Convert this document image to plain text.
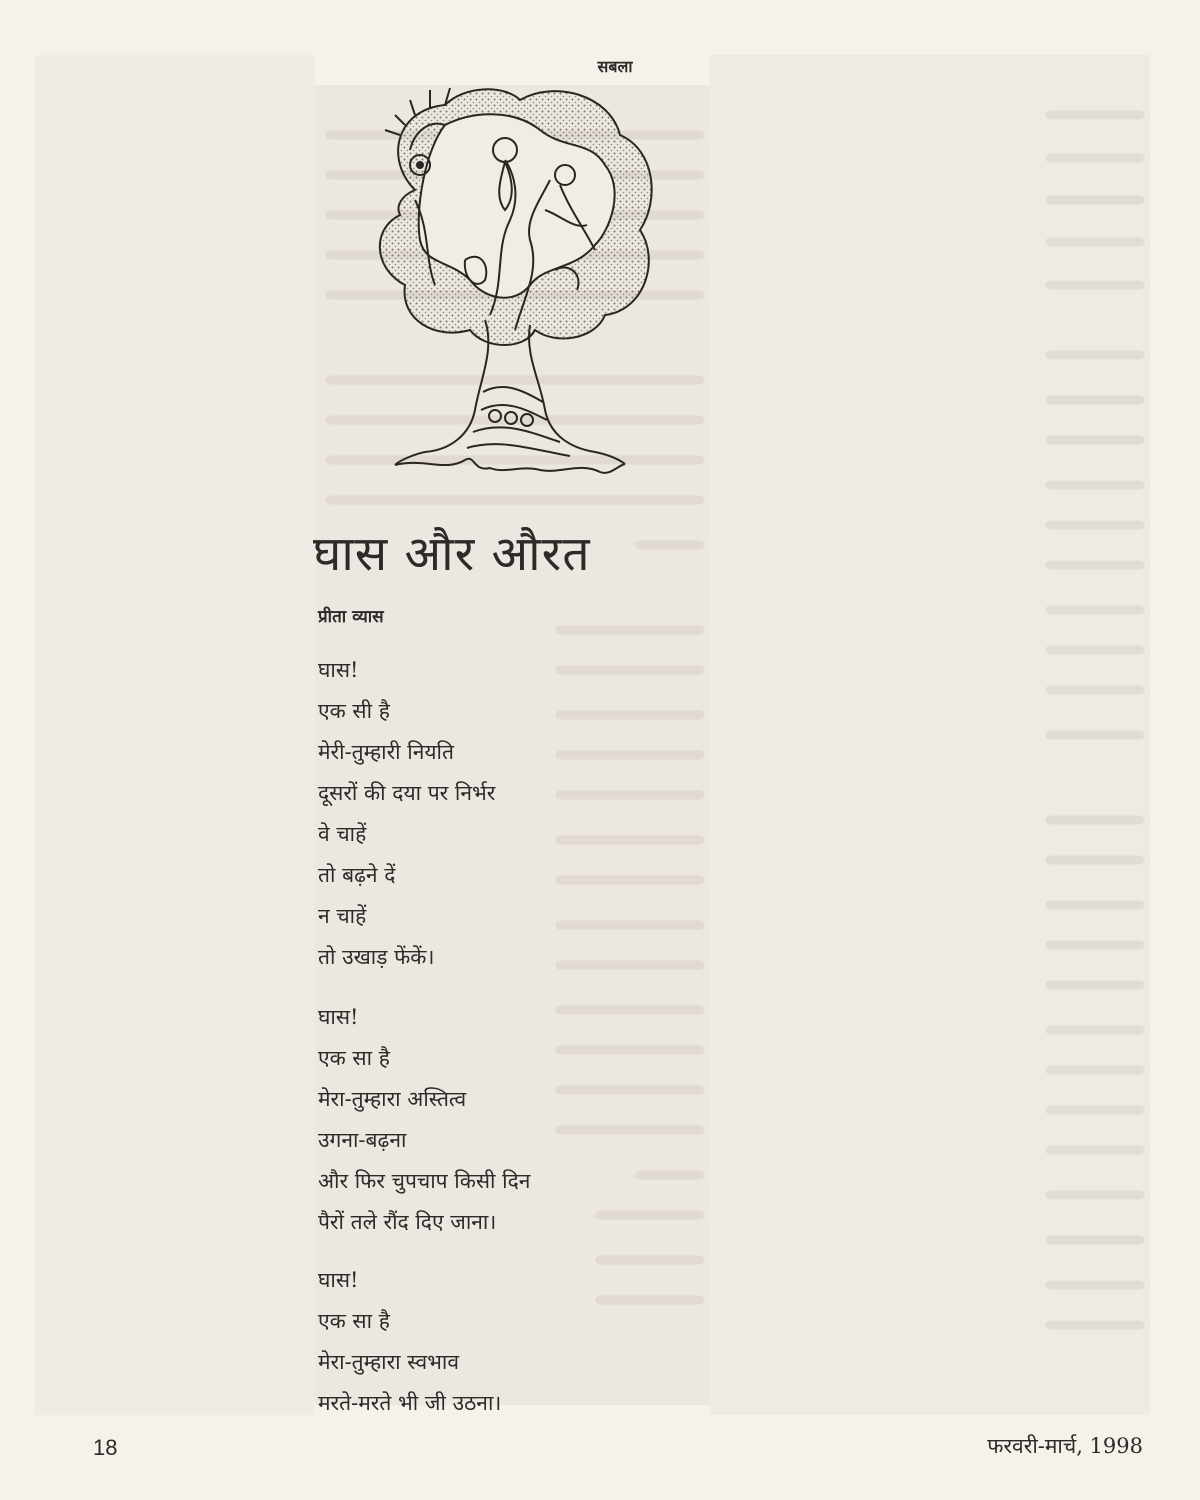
सबला
घास और औरत
प्रीता व्यास
घास!
एक सी है
मेरी-तुम्हारी नियति
दूसरों की दया पर निर्भर
वे चाहें
तो बढ़ने दें
न चाहें
तो उखाड़ फेंकें।
घास!
एक सा है
मेरा-तुम्हारा अस्तित्व
उगना-बढ़ना
और फिर चुपचाप किसी दिन
पैरों तले रौंद दिए जाना।
घास!
एक सा है
मेरा-तुम्हारा स्वभाव
मरते-मरते भी जी उठना।
18	फरवरी-मार्च, 1998
